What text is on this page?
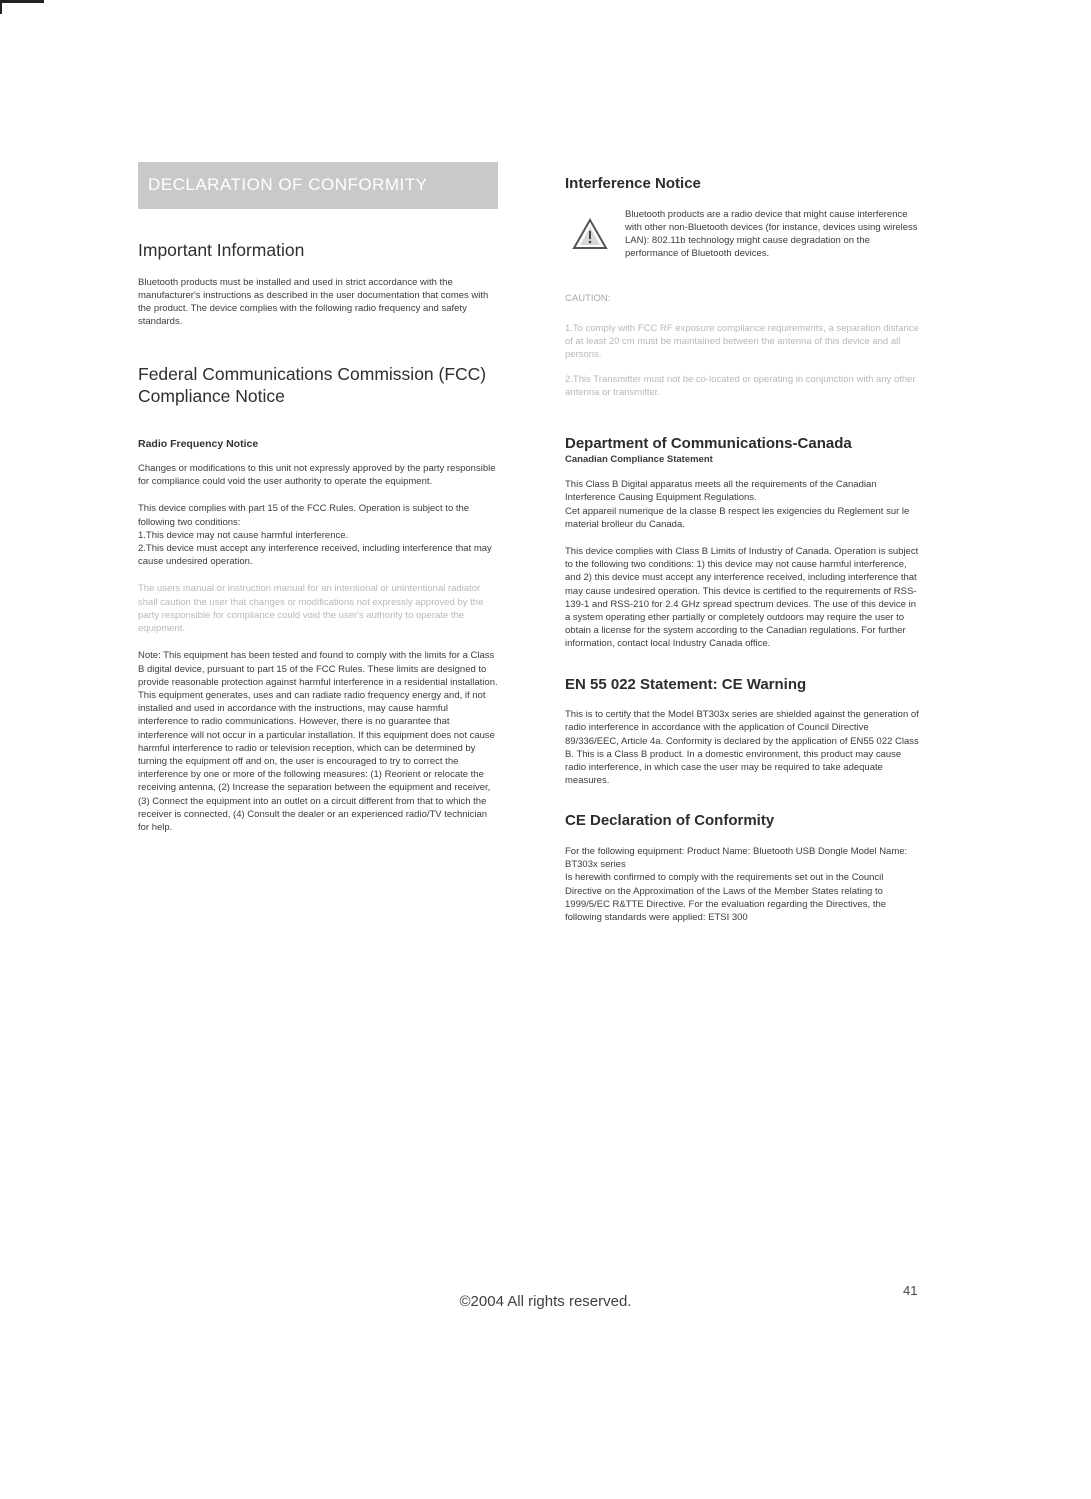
DECLARATION OF CONFORMITY
Important Information

Bluetooth products must be installed and used in strict accordance with the manufacturer's instructions as described in the user documentation that comes with the product. The device complies with the following radio frequency and safety standards.

Federal Communications Commission (FCC) Compliance Notice
Radio Frequency Notice

Changes or modifications to this unit not expressly approved by the party responsible for compliance could void the user authority to operate the equipment.

This device complies with part 15 of the FCC Rules. Operation is subject to the following two conditions:
1.This device may not cause harmful interference.
2.This device must accept any interference received, including interference that may cause undesired operation.

The users manual or instruction manual for an intentional or unintentional radiator shall caution the user that changes or modifications not expressly approved by the party responsible for compliance could void the user's authority to operate the equipment.

Note: This equipment has been tested and found to comply with the limits for a Class B digital device, pursuant to part 15 of the FCC Rules. These limits are designed to provide reasonable protection against harmful interference in a residential installation. This equipment generates, uses and can radiate radio frequency energy and, if not installed and used in accordance with the instructions, may cause harmful interference to radio communications. However, there is no guarantee that interference will not occur in a particular installation. If this equipment does not cause harmful interference to radio or television reception, which can be determined by turning the equipment off and on, the user is encouraged to try to correct the interference by one or more of the following measures: (1) Reorient or relocate the receiving antenna, (2) Increase the separation between the equipment and receiver, (3) Connect the equipment into an outlet on a circuit different from that to which the receiver is connected, (4) Consult the dealer or an experienced radio/TV technician for help.

Interference Notice

Bluetooth products are a radio device that might cause interference with other non-Bluetooth devices (for instance, devices using wireless LAN): 802.11b technology might cause degradation on the performance of Bluetooth devices.

CAUTION:

1.To comply with FCC RF exposure compliance requirements, a separation distance of at least 20 cm must be maintained between the antenna of this device and all persons.

2.This Transmitter must not be co-located or operating in conjunction with any other antenna or transmitter.

Department of Communications-Canada

Canadian Compliance Statement

This Class B Digital apparatus meets all the requirements of the Canadian Interference Causing Equipment Regulations.
Cet appareil numerique de la classe B respect les exigencies du Reglement sur le material brolleur du Canada.

This device complies with Class B Limits of Industry of Canada. Operation is subject to the following two conditions: 1) this device may not cause harmful interference, and 2) this device must accept any interference received, including interference that may cause undesired operation. This device is certified to the requirements of RSS-139-1 and RSS-210 for 2.4 GHz spread spectrum devices. The use of this device in a system operating ether partially or completely outdoors may require the user to obtain a license for the system according to the Canadian regulations. For further information, contact local Industry Canada office.

EN 55 022 Statement: CE Warning

This is to certify that the Model BT303x series are shielded against the generation of radio interference in accordance with the application of Council Directive 89/336/EEC, Article 4a. Conformity is declared by the application of EN55 022 Class B. This is a Class B product. In a domestic environment, this product may cause radio interference, in which case the user may be required to take adequate measures.

CE Declaration of Conformity

For the following equipment: Product Name: Bluetooth USB Dongle Model Name: BT303x series
Is herewith confirmed to comply with the requirements set out in the Council Directive on the Approximation of the Laws of the Member States relating to 1999/5/EC R&TTE Directive. For the evaluation regarding the Directives, the following standards were applied: ETSI 300

©2004 All rights reserved.
41
